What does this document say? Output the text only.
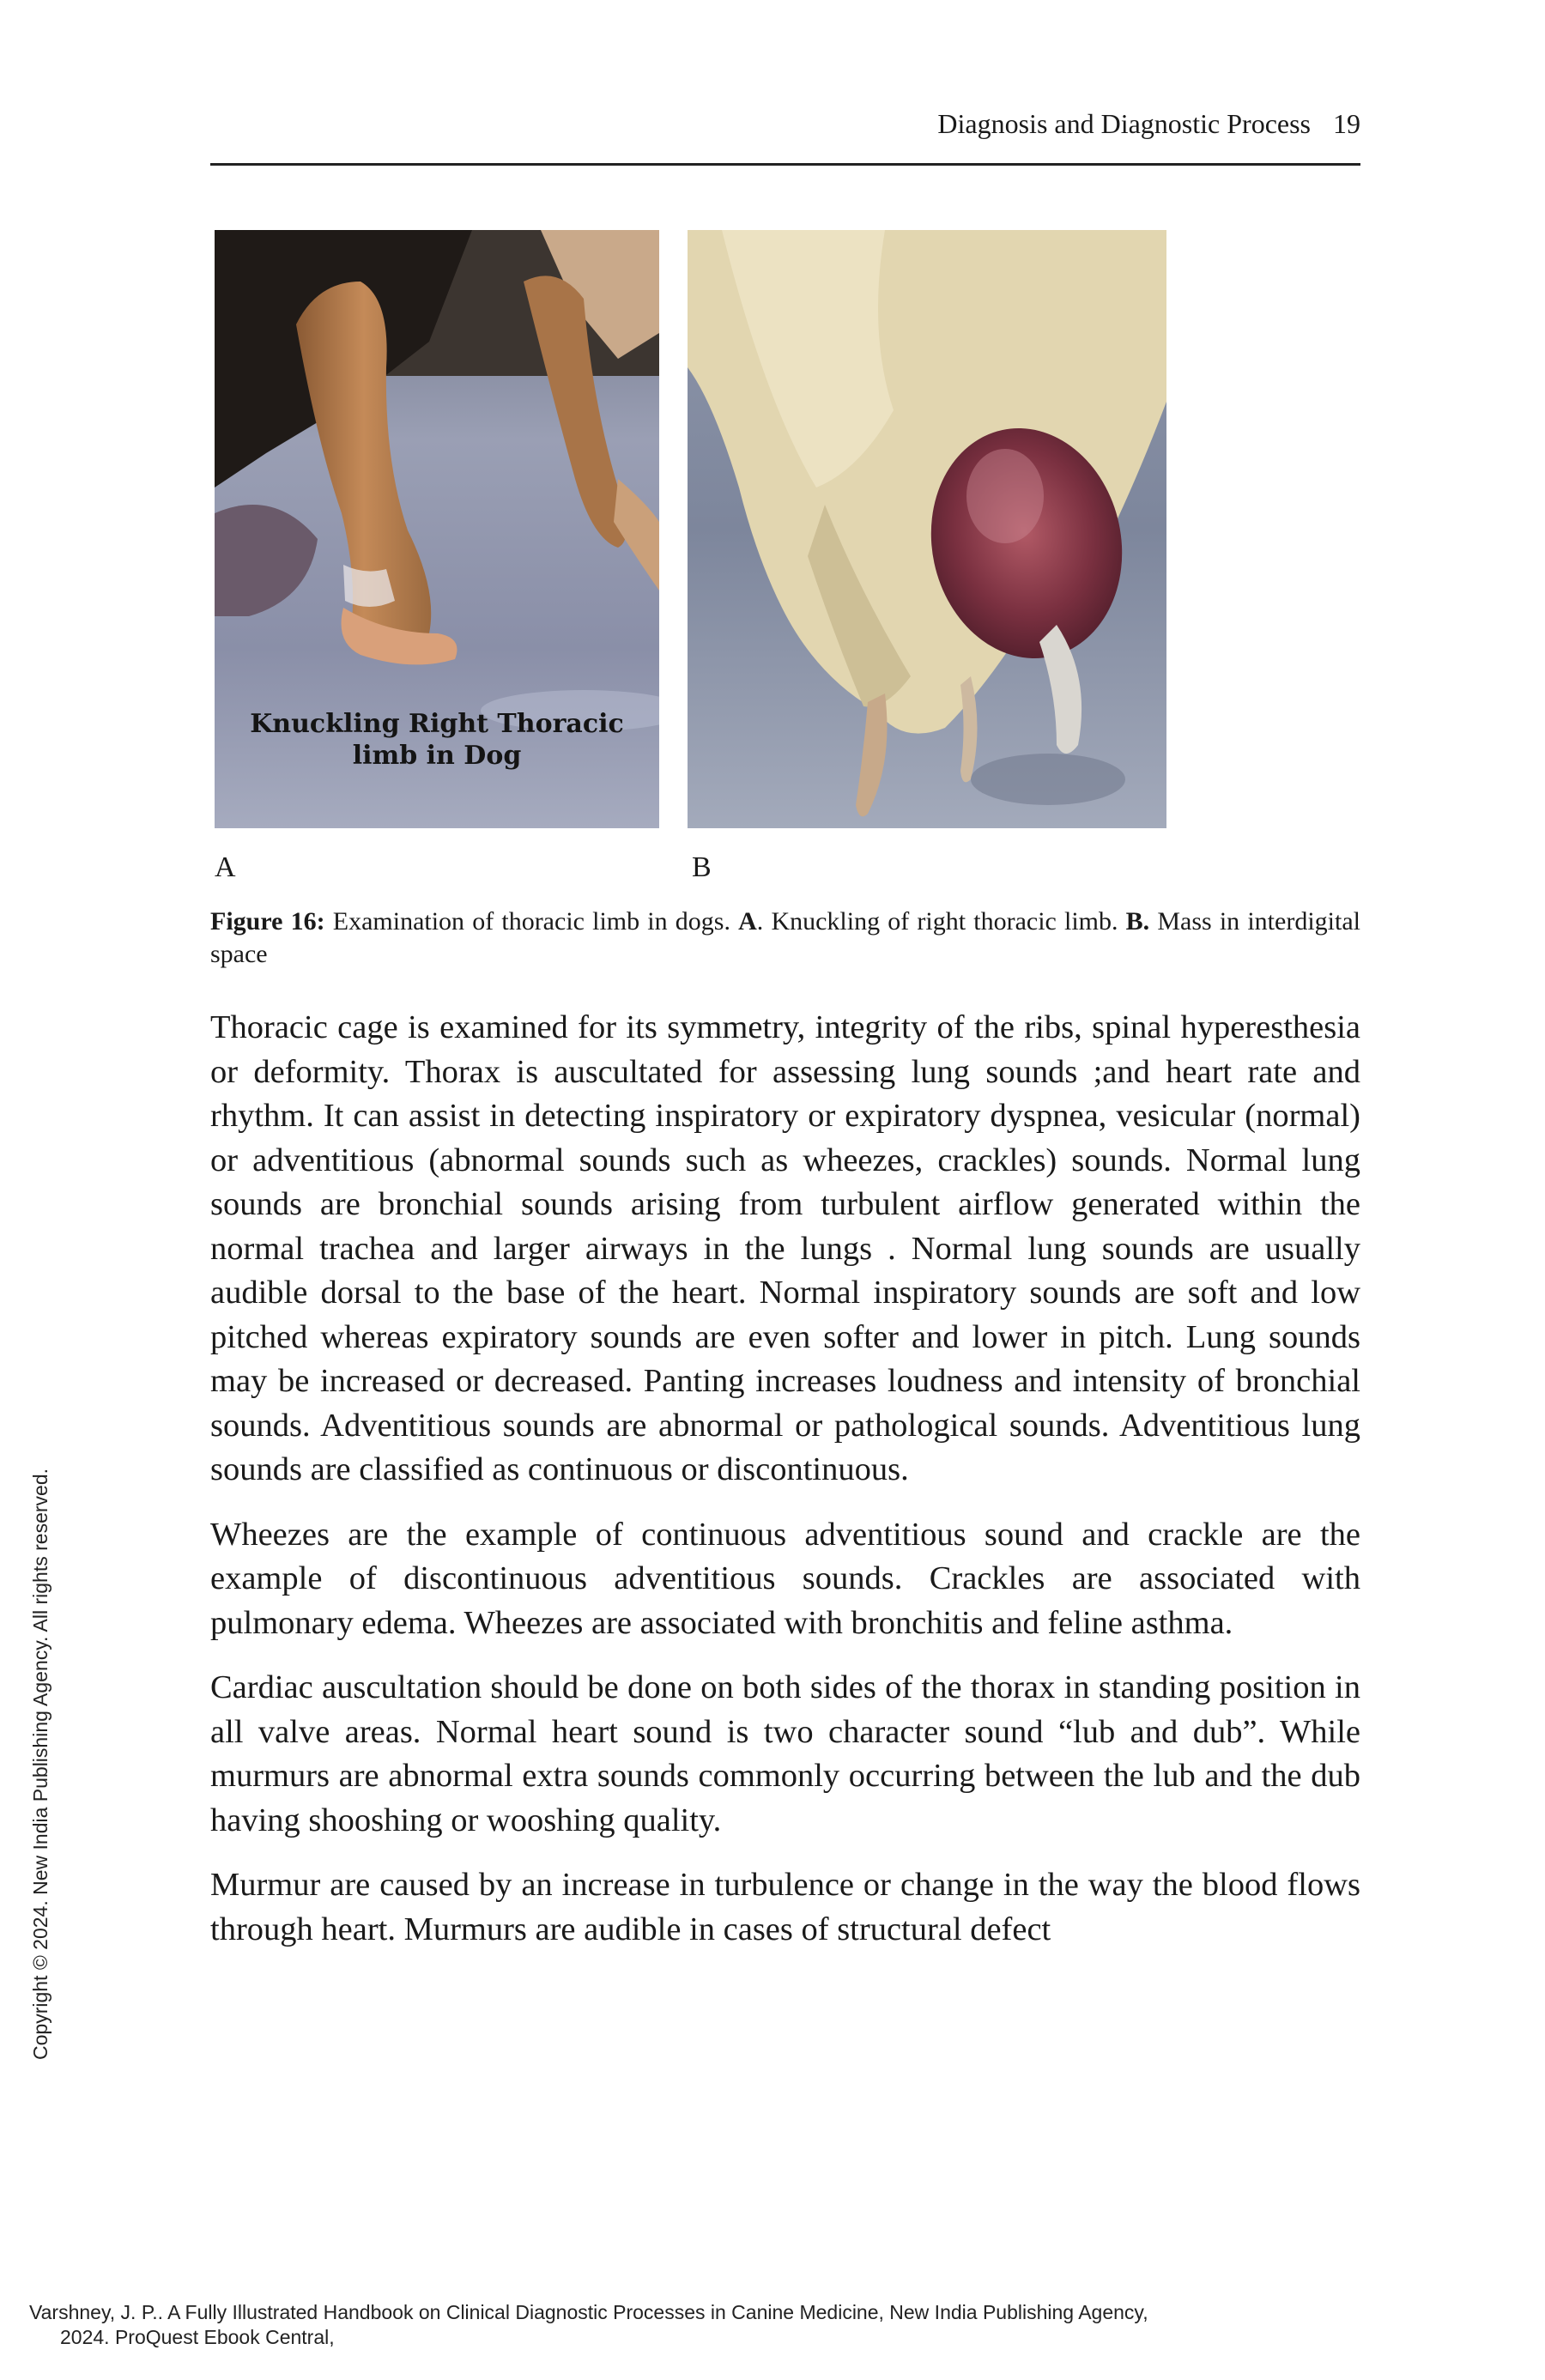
Diagnosis and Diagnostic Process 19
Knuckling Right Thoracic
limb in Dog
A	B
Figure 16: Examination of thoracic limb in dogs. A. Knuckling of right thoracic limb. B. Mass in interdigital space

Thoracic cage is examined for its symmetry, integrity of the ribs, spinal hyperesthesia or deformity. Thorax is auscultated for assessing lung sounds ;and heart rate and rhythm. It can assist in detecting inspiratory or expiratory dyspnea, vesicular (normal) or adventitious (abnormal sounds such as wheezes, crackles) sounds. Normal lung sounds are bronchial sounds arising from turbulent airflow generated within the normal trachea and larger airways in the lungs . Normal lung sounds are usually audible dorsal to the base of the heart. Normal inspiratory sounds are soft and low pitched whereas expiratory sounds are even softer and lower in pitch. Lung sounds may be increased or decreased. Panting increases loudness and intensity of bronchial sounds. Adventitious sounds are abnormal or pathological sounds. Adventitious lung sounds are classified as continuous or discontinuous.

Wheezes are the example of continuous adventitious sound and crackle are the example of discontinuous adventitious sounds. Crackles are associated with pulmonary edema. Wheezes are associated with bronchitis and feline asthma.

Cardiac auscultation should be done on both sides of the thorax in standing position in all valve areas. Normal heart sound is two character sound “lub and dub”. While murmurs are abnormal extra sounds commonly occurring between the lub and the dub having shooshing or wooshing quality.

Murmur are caused by an increase in turbulence or change in the way the blood flows through heart. Murmurs are audible in cases of structural defect

Copyright © 2024. New India Publishing Agency. All rights reserved.
Varshney, J. P.. A Fully Illustrated Handbook on Clinical Diagnostic Processes in Canine Medicine, New India Publishing Agency,
2024. ProQuest Ebook Central,
